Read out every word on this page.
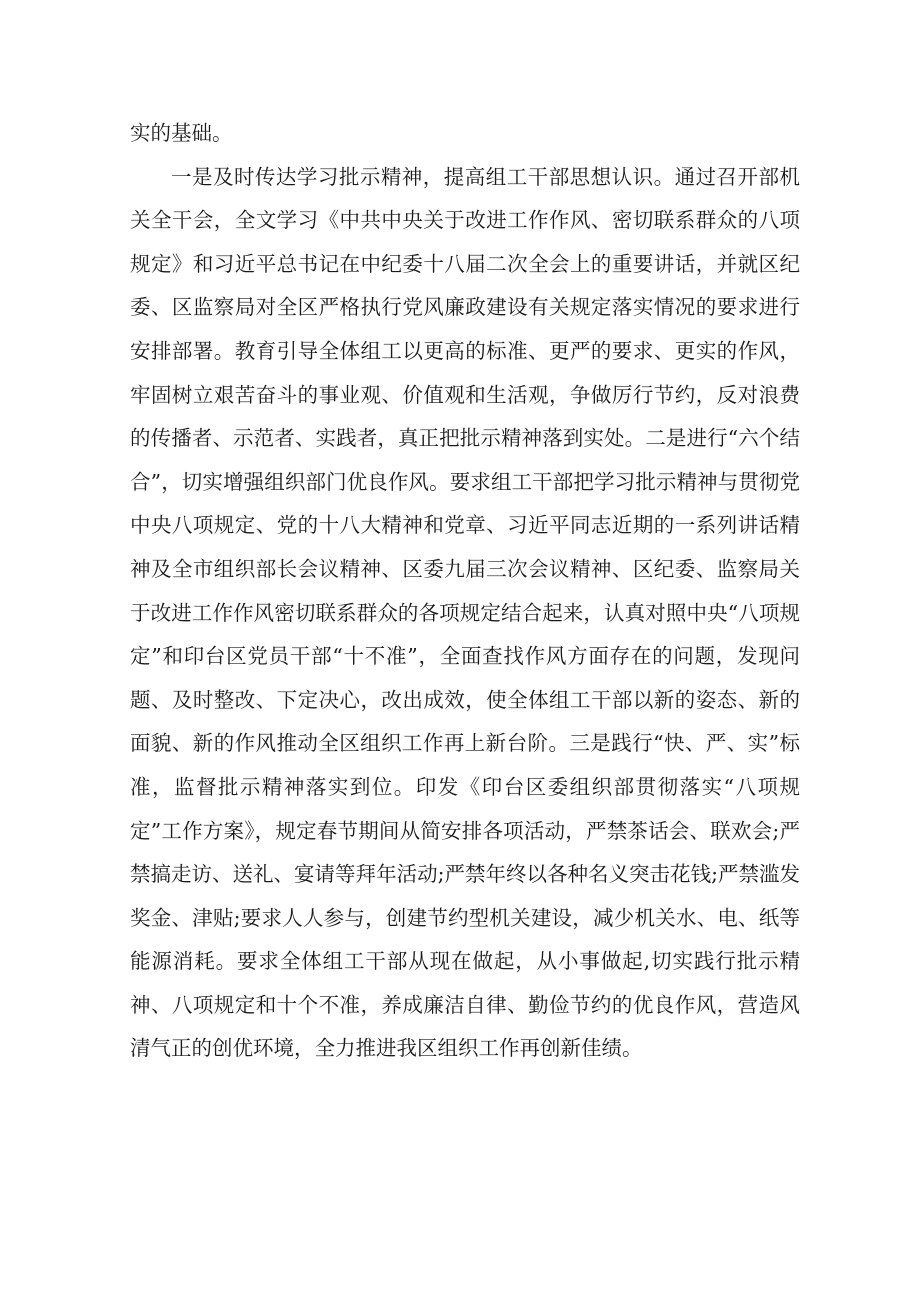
实的基础。

一是及时传达学习批示精神，提高组工干部思想认识。通过召开部机关全干会，全文学习《中共中央关于改进工作作风、密切联系群众的八项规定》和习近平总书记在中纪委十八届二次全会上的重要讲话，并就区纪委、区监察局对全区严格执行党风廉政建设有关规定落实情况的要求进行安排部署。教育引导全体组工以更高的标准、更严的要求、更实的作风，牢固树立艰苦奋斗的事业观、价值观和生活观，争做厉行节约，反对浪费的传播者、示范者、实践者，真正把批示精神落到实处。二是进行“六个结合”，切实增强组织部门优良作风。要求组工干部把学习批示精神与贯彻党中央八项规定、党的十八大精神和党章、习近平同志近期的一系列讲话精神及全市组织部长会议精神、区委九届三次会议精神、区纪委、监察局关于改进工作作风密切联系群众的各项规定结合起来，认真对照中央“八项规定”和印台区党员干部“十不准”，全面查找作风方面存在的问题，发现问题、及时整改、下定决心，改出成效，使全体组工干部以新的姿态、新的面貌、新的作风推动全区组织工作再上新台阶。三是践行“快、严、实”标准，监督批示精神落实到位。印发《印台区委组织部贯彻落实“八项规定”工作方案》，规定春节期间从简安排各项活动，严禁茶话会、联欢会;严禁搞走访、送礼、宴请等拜年活动;严禁年终以各种名义突击花钱;严禁滥发奖金、津贴;要求人人参与，创建节约型机关建设，减少机关水、电、纸等能源消耗。要求全体组工干部从现在做起，从小事做起,切实践行批示精神、八项规定和十个不准，养成廉洁自律、勤俭节约的优良作风，营造风清气正的创优环境，全力推进我区组织工作再创新佳绩。
